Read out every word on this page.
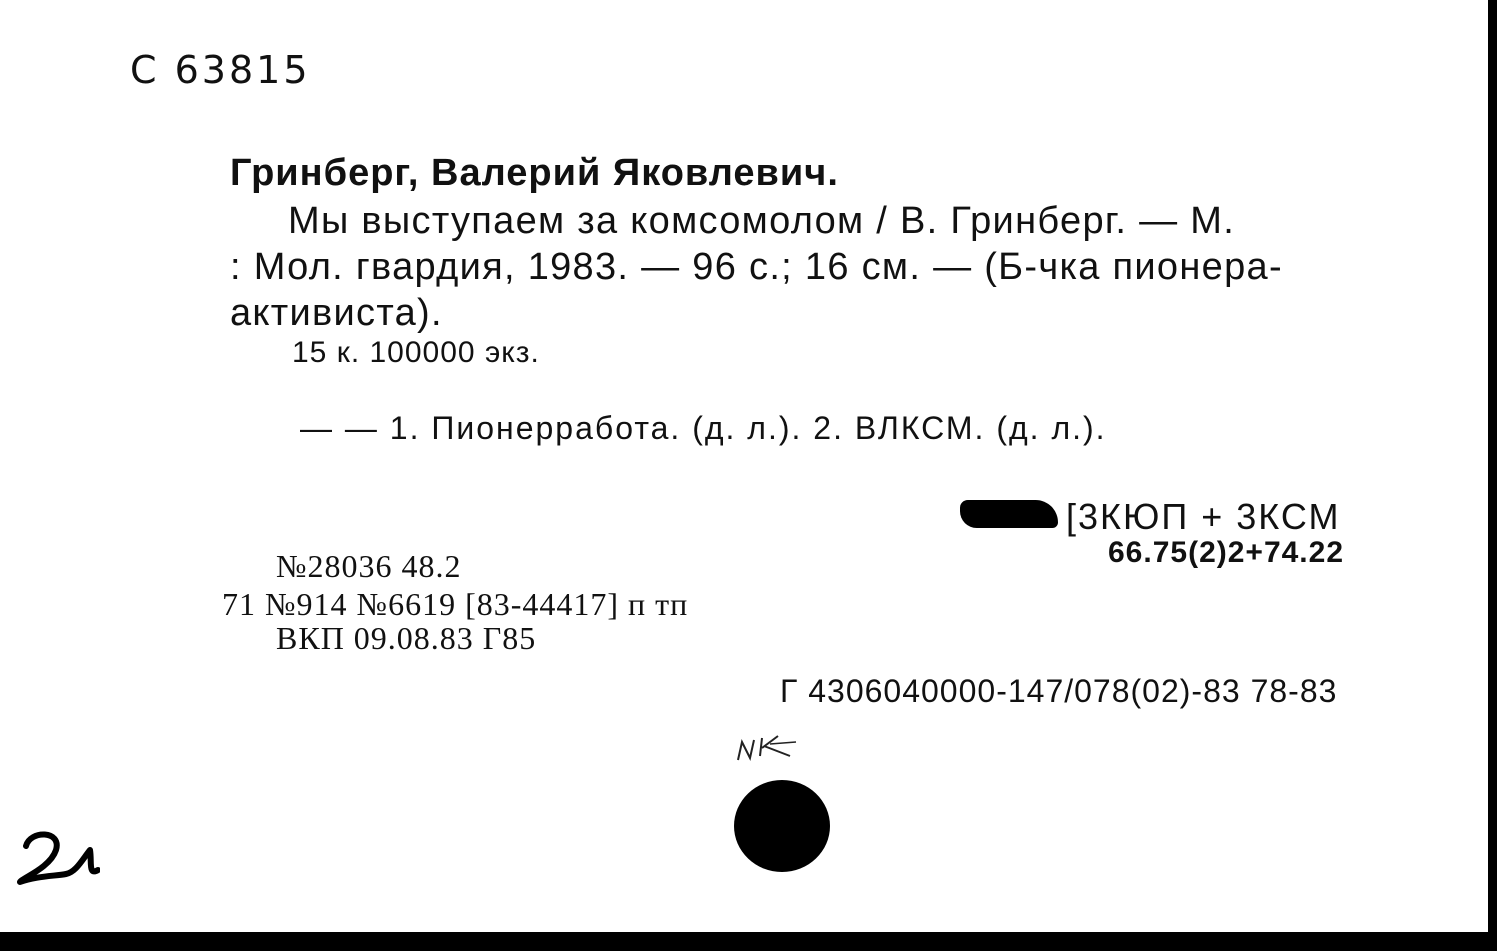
С 63815
Гринберг, Валерий Яковлевич.
Мы выступаем за комсомолом / В. Гринберг. — М.
: Мол. гвардия, 1983. — 96 с.; 16 см. — (Б-чка пионера-
активиста).
15 к. 100000 экз.
— — 1. Пионерработа. (д. л.). 2. ВЛКСМ. (д. л.).
[3КЮП + 3КСМ
66.75(2)2+74.22
№28036 48.2
71 №914 №6619 [83-44417] п тп
ВКП 09.08.83 Г85
Г 4306040000-147/078(02)-83 78-83
